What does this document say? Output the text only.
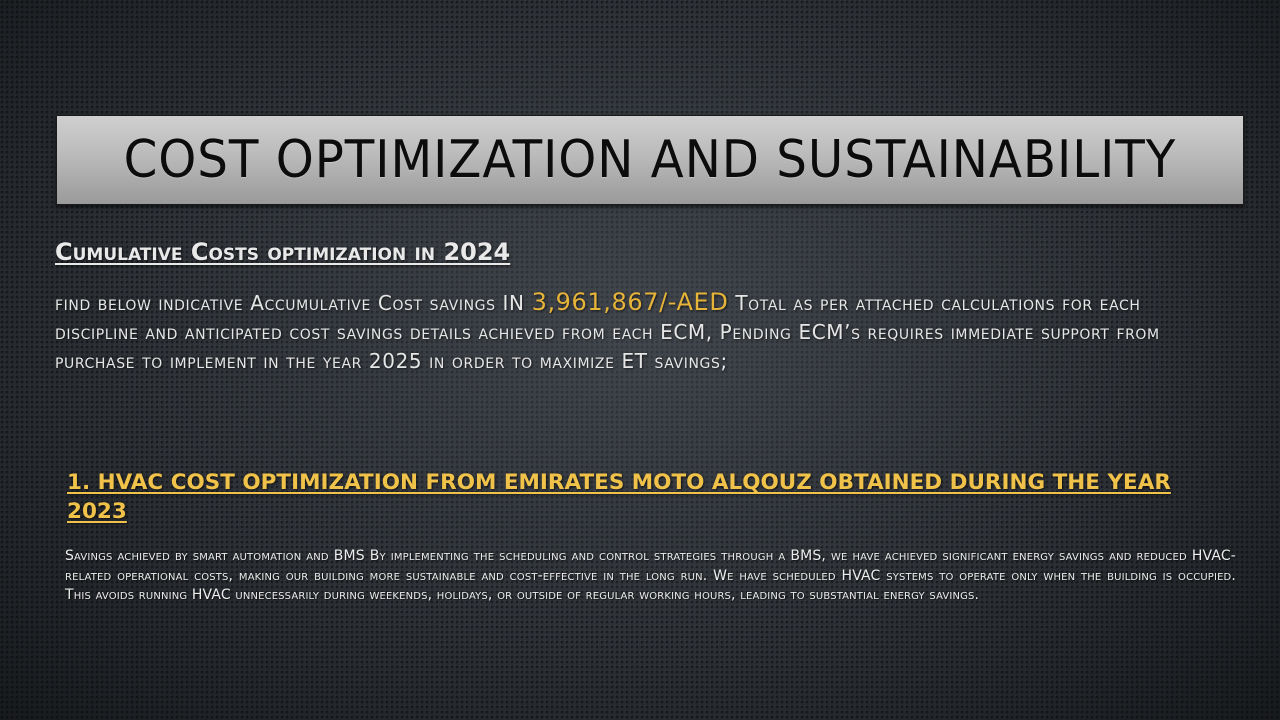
COST OPTIMIZATION AND SUSTAINABILITY
Cumulative Costs optimization in 2024
find below indicative Accumulative Cost savings IN 3,961,867/-AED Total as per attached calculations for each discipline and anticipated cost savings details achieved from each ECM, Pending ECM’s requires immediate support from purchase to implement in the year 2025 in order to maximize ET savings;
1. HVAC COST OPTIMIZATION FROM EMIRATES MOTO ALQOUZ OBTAINED DURING THE YEAR 2023
Savings achieved by smart automation and BMS By implementing the scheduling and control strategies through a BMS, we have achieved significant energy savings and reduced HVAC-related operational costs, making our building more sustainable and cost-effective in the long run. We have scheduled HVAC systems to operate only when the building is occupied. This avoids running HVAC unnecessarily during weekends, holidays, or outside of regular working hours, leading to substantial energy savings.
